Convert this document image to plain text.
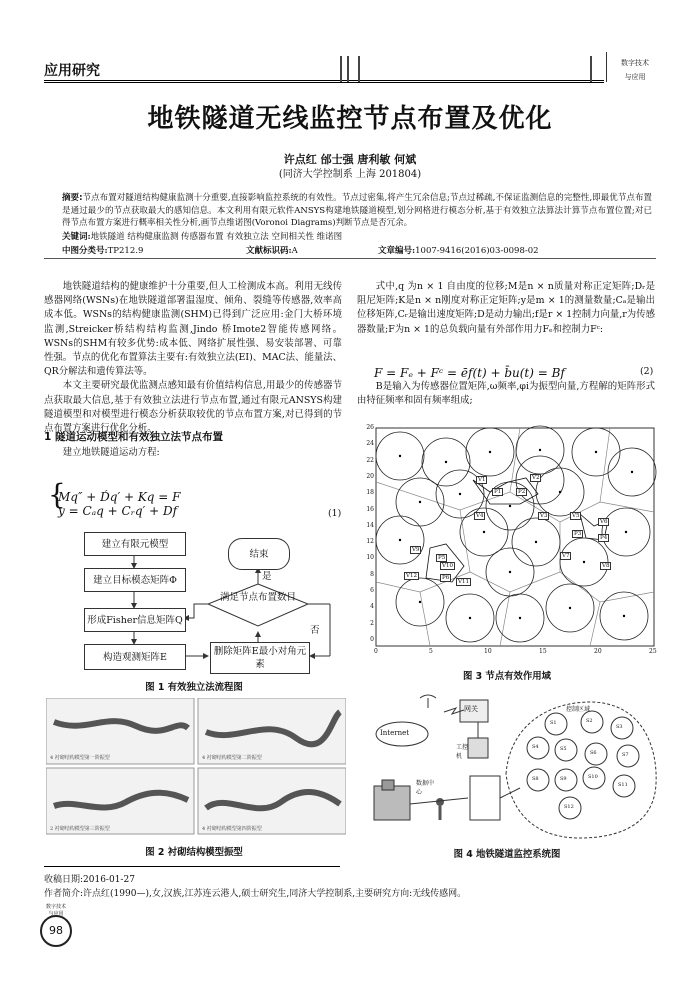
应用研究	数字技术
与应用
地铁隧道无线监控节点布置及优化
许点红 邰士强 唐利敏 何斌
(同济大学控制系 上海 201804)
摘要:节点布置对隧道结构健康监测十分重要,直接影响监控系统的有效性。节点过密集,将产生冗余信息;节点过稀疏,不保证监测信息的完整性,即最优节点布置是通过最少的节点获取最大的感知信息。本文利用有限元软件ANSYS构建地铁隧道模型,划分网格进行模态分析,基于有效独立法算法计算节点布置位置;对已得节点布置方案进行概率相关性分析,画节点维诺图(Voronoi Diagrams)判断节点是否冗余。
关键词:地铁隧道 结构健康监测 传感器布置 有效独立法 空间相关性 维诺图
中图分类号:TP212.9	文献标识码:A	文章编号:1007-9416(2016)03-0098-02

地铁隧道结构的健康维护十分重要,但人工检测成本高。利用无线传感器网络(WSNs)在地铁隧道部署温湿度、倾角、裂缝等传感器,效率高成本低。WSNs的结构健康监测(SHM)已得到广泛应用:金门大桥环境监测,Streicker桥结构结构监测,Jindo 桥Imote2智能传感网络。WSNs的SHM有较多优势:成本低、网络扩展性强、易安装部署、可靠性强。节点的优化布置算法主要有:有效独立法(EI)、MAC法、能量法、QR分解法和遗传算法等。

本文主要研究最优监测点感知最有价值结构信息,用最少的传感器节点获取最大信息,基于有效独立法进行节点布置,通过有限元ANSYS构建隧道模型和对模型进行模态分析获取较优的节点布置方案,对已得到的节点布置方案进行优化分析。

1 隧道运动模型和有效独立法节点布置

建立地铁隧道运动方程:

{
Mq″ + D́q′ + Kq = F
y = Cₐq + Cᵣq′ + Df	(1)
建立有限元模型
建立目标模态矩阵Φ
形成Fisher信息矩阵Q
构造观测矩阵E	删除矩阵E最小对角元素
满足节点布置数目
结束
是
否
图 1 有效独立法流程图
4 衬砌结构模型第一阶振型	4 衬砌结构模型第二阶振型
2 衬砌结构模型第三阶振型	4 衬砌结构模型第四阶振型
图 2 衬砌结构模型振型

式中,q 为n × 1 自由度的位移;M是n × n质量对称正定矩阵;Dᵣ是阻尼矩阵;K是n × n刚度对称正定矩阵;y是m × 1的测量数量;Cₐ是输出位移矩阵,Cᵣ是输出速度矩阵;D是动力输出;f是r × 1控制力向量,r为传感器数量;F为n × 1的总负载向量有外部作用力Fₑ和控制力Fᶜ:

F = Fₑ + Fᶜ = ēf(t) + b̄u(t) = Bf	(2)

B是输入为传感器位置矩阵,ω频率,φi为振型向量,方程解的矩阵形式由特征频率和固有频率组成;

26
24
22
20
18
16
14
12
10
8
6
4
2
0
0	5	10	15	20	25
V1	V2
V3
V4	V5
V6
V7
V8
V9
V10
V11
V12
P1	P2
P3
P4
P5
P6
图 3 节点有效作用域
Internet
网关
工控机
数据中心
控制区域
S1	S2
S3
S4	S5
S6	S7
S8	S9	S10
S11
S12
图 4 地铁隧道监控系统图
收稿日期:2016-01-27
作者简介:许点红(1990—),女,汉族,江苏连云港人,硕士研究生,同济大学控制系,主要研究方向:无线传感网。
数字技术与应用
98
